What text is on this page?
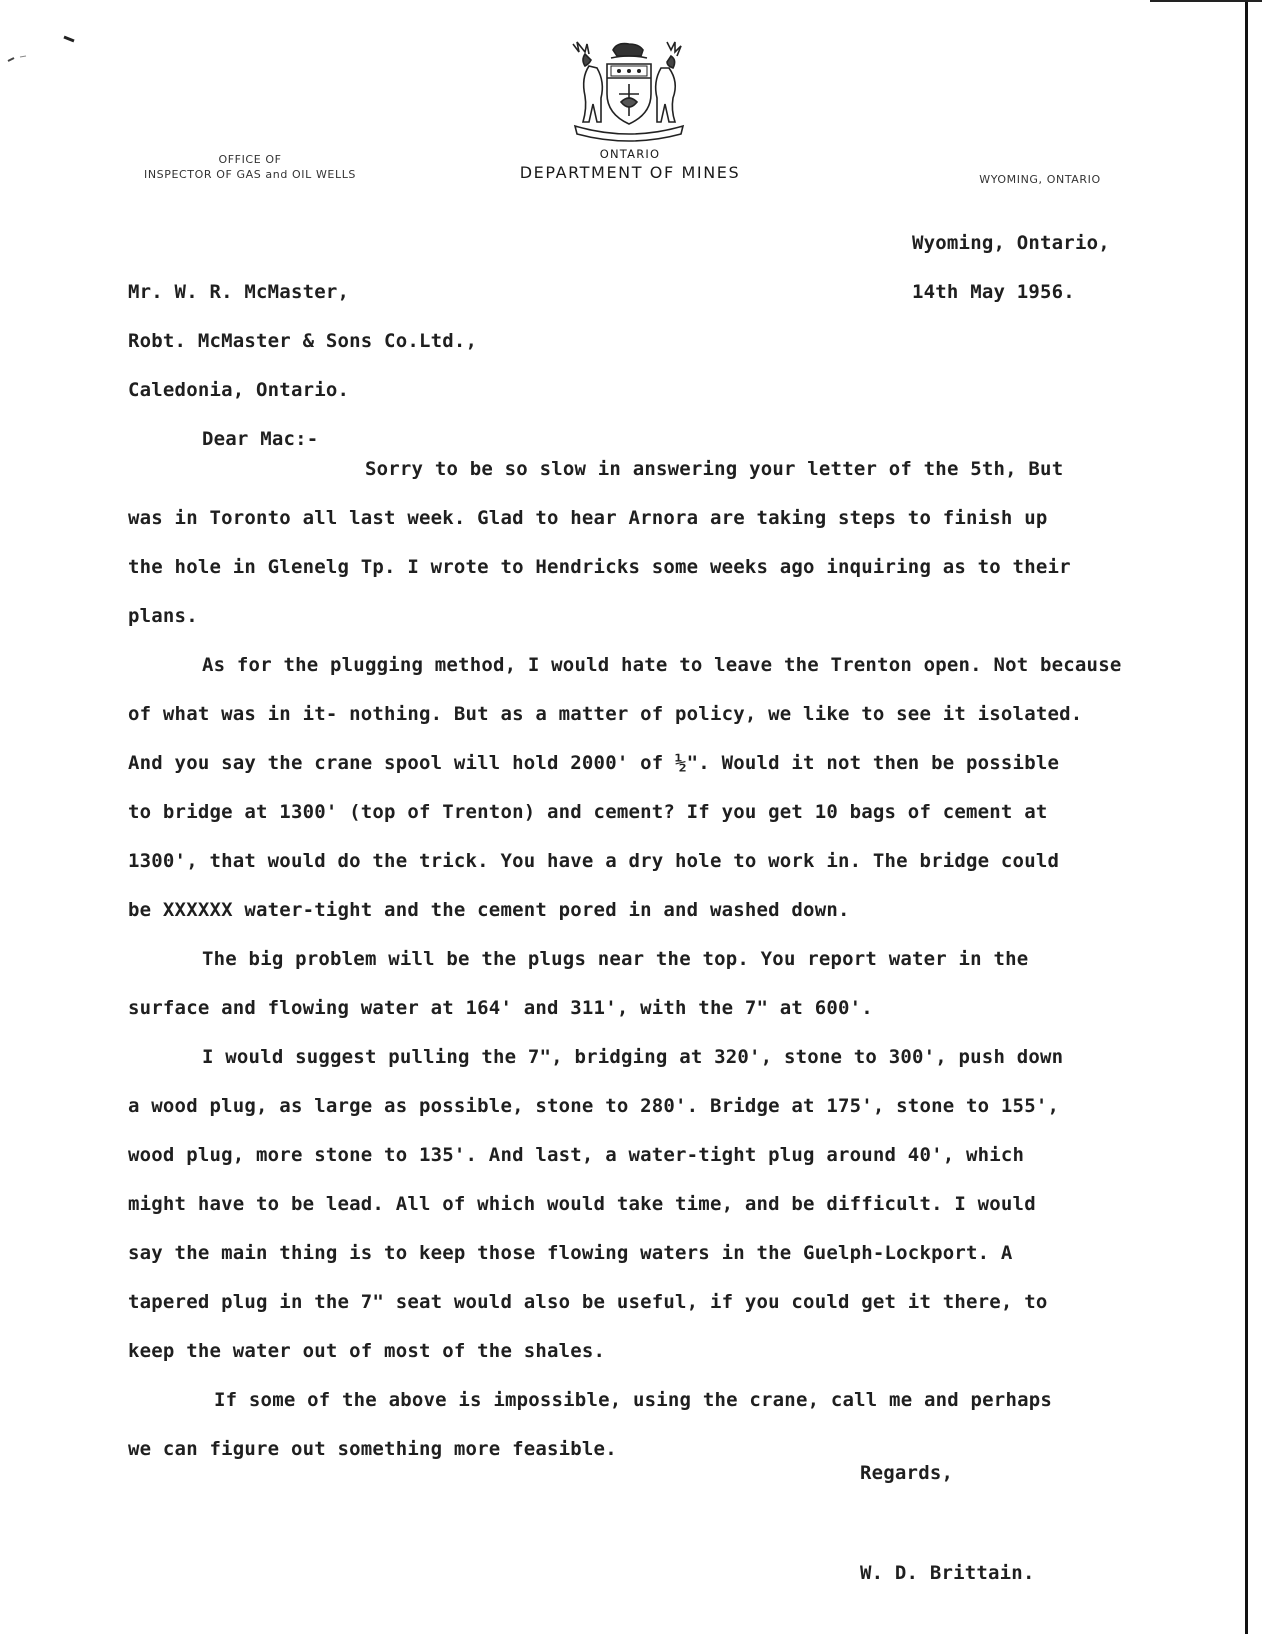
OFFICE OF
INSPECTOR OF GAS and OIL WELLS
ONTARIO
DEPARTMENT OF MINES	WYOMING, ONTARIO
Wyoming, Ontario,
14th May 1956.
Mr. W. R. McMaster,
Robt. McMaster & Sons Co.Ltd.,
Caledonia, Ontario.
Dear Mac:-
Sorry to be so slow in answering your letter of the 5th, But
was in Toronto all last week. Glad to hear Arnora are taking steps to finish up
the hole in Glenelg Tp. I wrote to Hendricks some weeks ago inquiring as to their
plans.
As for the plugging method, I would hate to leave the Trenton open. Not because
of what was in it- nothing. But as a matter of policy, we like to see it isolated.
And you say the crane spool will hold 2000' of ½". Would it not then be possible
to bridge at 1300' (top of Trenton) and cement? If you get 10 bags of cement at
1300', that would do the trick. You have a dry hole to work in. The bridge could
be XXXXXX water-tight and the cement pored in and washed down.
The big problem will be the plugs near the top. You report water in the
surface and flowing water at 164' and 311', with the 7" at 600'.
I would suggest pulling the 7", bridging at 320', stone to 300', push down
a wood plug, as large as possible, stone to 280'. Bridge at 175', stone to 155',
wood plug, more stone to 135'. And last, a water-tight plug around 40', which
might have to be lead. All of which would take time, and be difficult. I would
say the main thing is to keep those flowing waters in the Guelph-Lockport. A
tapered plug in the 7" seat would also be useful, if you could get it there, to
keep the water out of most of the shales.
If some of the above is impossible, using the crane, call me and perhaps
we can figure out something more feasible.
Regards,
W. D. Brittain.
